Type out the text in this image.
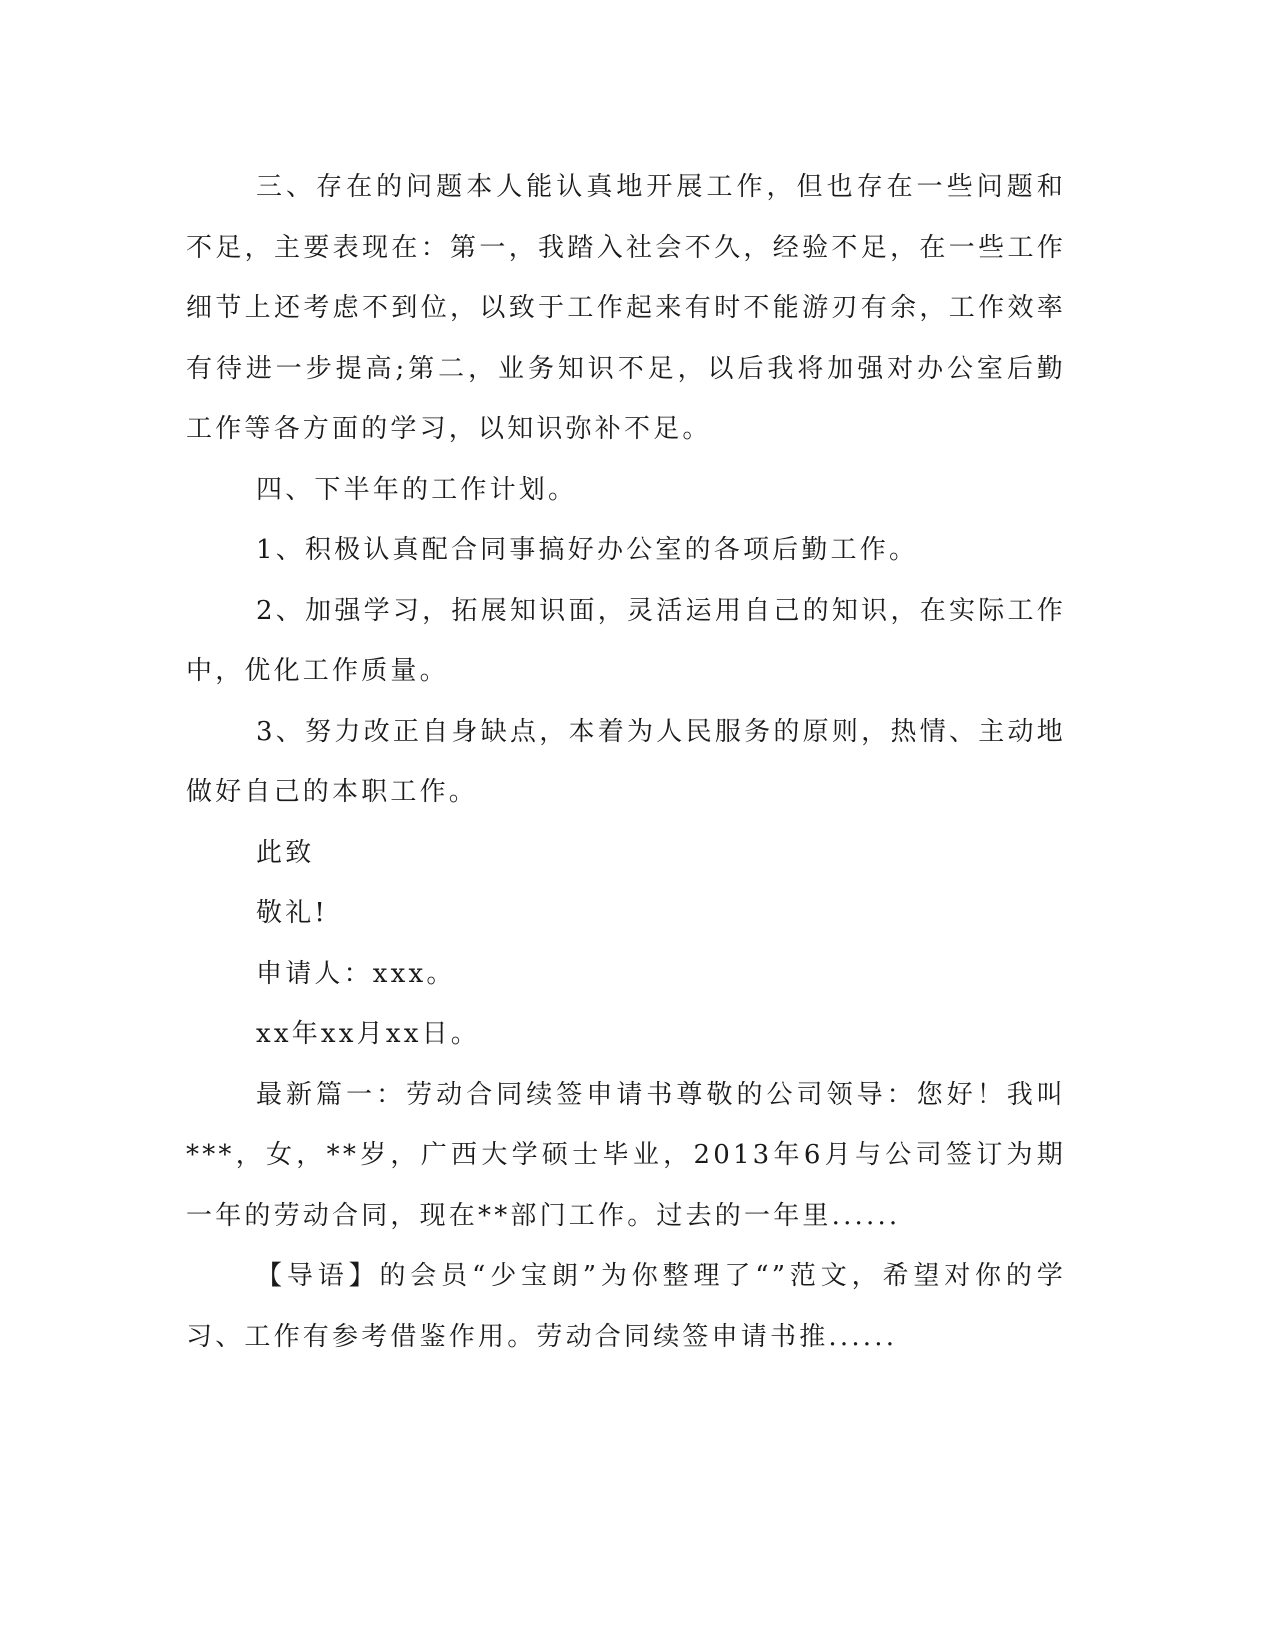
三、存在的问题本人能认真地开展工作，但也存在一些问题和不足，主要表现在：第一，我踏入社会不久，经验不足，在一些工作细节上还考虑不到位，以致于工作起来有时不能游刃有余，工作效率有待进一步提高;第二，业务知识不足，以后我将加强对办公室后勤工作等各方面的学习，以知识弥补不足。

四、下半年的工作计划。

1、积极认真配合同事搞好办公室的各项后勤工作。

2、加强学习，拓展知识面，灵活运用自己的知识，在实际工作中，优化工作质量。

3、努力改正自身缺点，本着为人民服务的原则，热情、主动地做好自己的本职工作。

此致

敬礼!

申请人：xxx。

xx年xx月xx日。

最新篇一：劳动合同续签申请书尊敬的公司领导：您好！我叫***，女，**岁，广西大学硕士毕业，2013年6月与公司签订为期一年的劳动合同，现在**部门工作。过去的一年里......

【导语】的会员“少宝朗”为你整理了“”范文，希望对你的学习、工作有参考借鉴作用。劳动合同续签申请书推......
